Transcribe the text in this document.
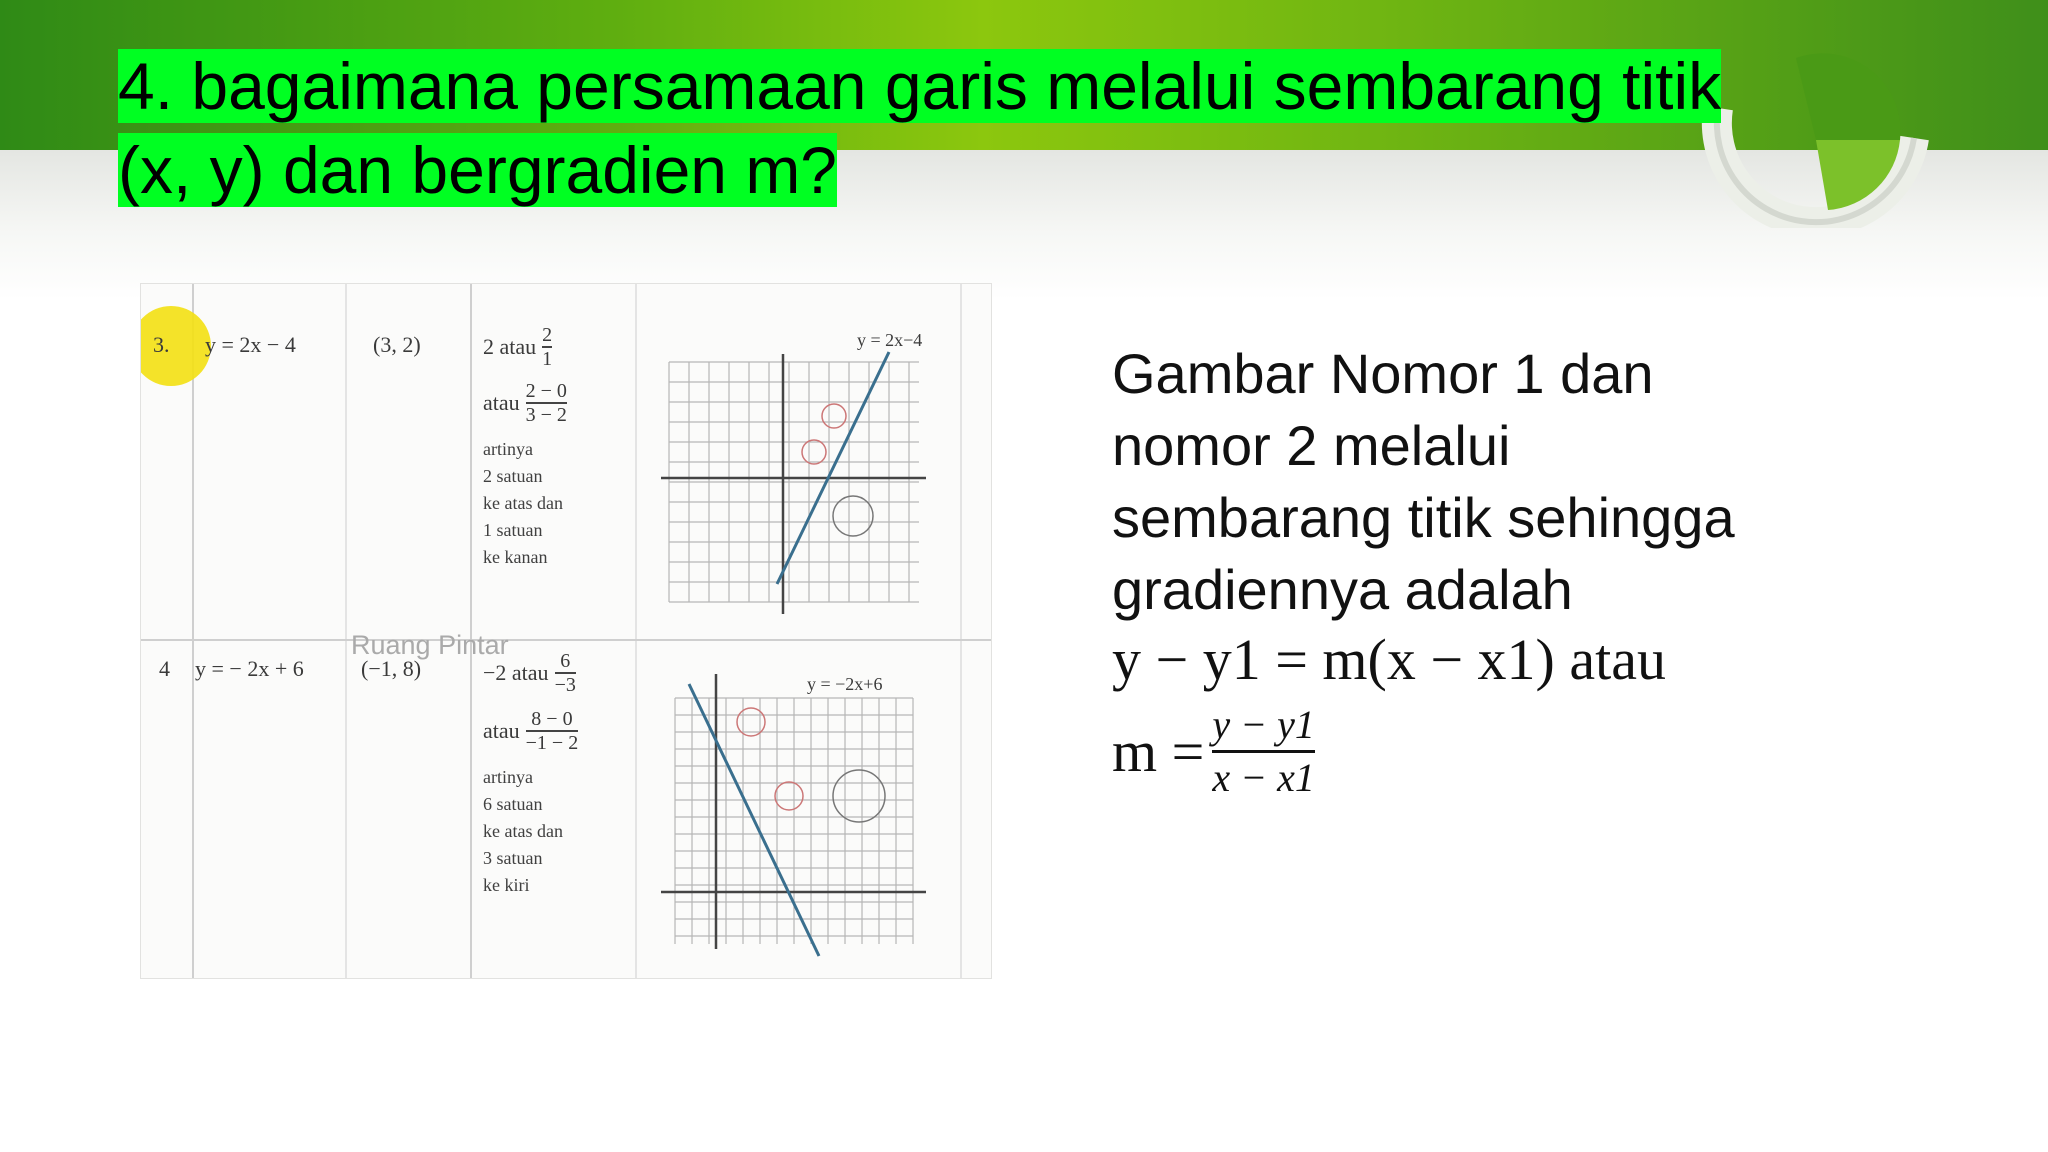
4. bagaimana persamaan garis melalui sembarang titik
(x, y) dan bergradien m?
3. y = 2x − 4	(3, 2)	2 atau $\frac{2}{1}$
atau $\frac{2 - 0}{3 - 2}$
artinya
2 satuan
ke atas dan
1 satuan
ke kanan
y = 2x−4
4 y = − 2x + 6	(−1, 8)	−2 atau $\frac{6}{-3}$
atau $\frac{8 - 0}{-1 - 2}$
artinya
6 satuan
ke atas dan
3 satuan
ke kiri
y = −2x+6
Ruang Pintar

Gambar Nomor 1 dan
nomor 2 melalui
sembarang titik sehingga
gradiennya adalah

y − y1 = m(x − x1) atau
m = y − y1
x − x1
